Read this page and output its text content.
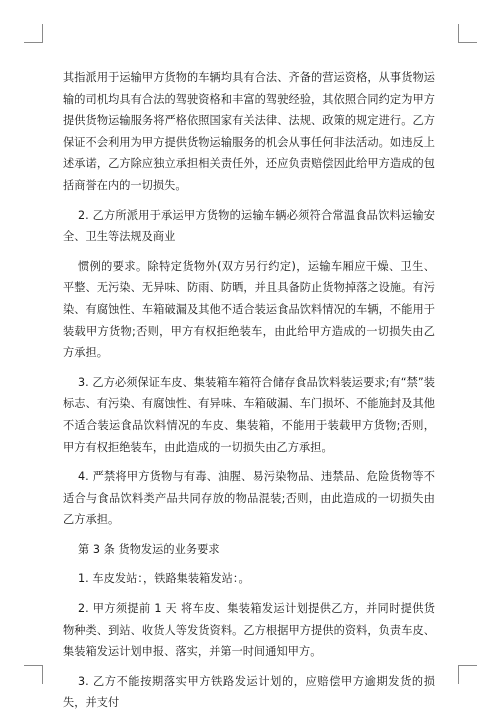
其指派用于运输甲方货物的车辆均具有合法、齐备的营运资格，从事货物运输的司机均具有合法的驾驶资格和丰富的驾驶经验，其依照合同约定为甲方提供货物运输服务将严格依照国家有关法律、法规、政策的规定进行。乙方保证不会利用为甲方提供货物运输服务的机会从事任何非法活动。如违反上述承诺，乙方除应独立承担相关责任外，还应负责赔偿因此给甲方造成的包括商誉在内的一切损失。

2. 乙方所派用于承运甲方货物的运输车辆必须符合常温食品饮料运输安全、卫生等法规及商业

惯例的要求。除特定货物外(双方另行约定)，运输车厢应干燥、卫生、平整、无污染、无异味、防雨、防晒，并且具备防止货物掉落之设施。有污染、有腐蚀性、车箱破漏及其他不适合装运食品饮料情况的车辆，不能用于装载甲方货物;否则，甲方有权拒绝装车，由此给甲方造成的一切损失由乙方承担。

3. 乙方必须保证车皮、集装箱车箱符合储存食品饮料装运要求;有“禁”装标志、有污染、有腐蚀性、有异味、车箱破漏、车门损坏、不能施封及其他不适合装运食品饮料情况的车皮、集装箱，不能用于装载甲方货物;否则，甲方有权拒绝装车，由此造成的一切损失由乙方承担。

4. 严禁将甲方货物与有毒、油腥、易污染物品、违禁品、危险货物等不适合与食品饮料类产品共同存放的物品混装;否则，由此造成的一切损失由乙方承担。

第 3 条 货物发运的业务要求

1. 车皮发站：，铁路集装箱发站：。

2. 甲方须提前 1 天 将车皮、集装箱发运计划提供乙方，并同时提供货物种类、到站、收货人等发货资料。乙方根据甲方提供的资料，负责车皮、集装箱发运计划申报、落实，并第一时间通知甲方。

3. 乙方不能按期落实甲方铁路发运计划的，应赔偿甲方逾期发货的损失，并支付
